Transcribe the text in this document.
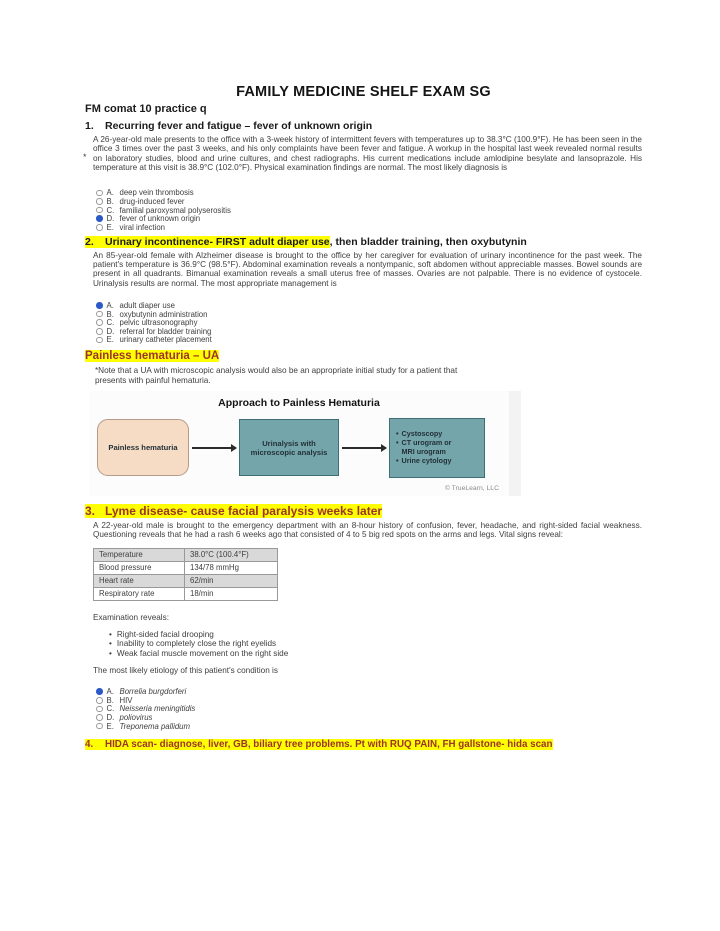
FAMILY MEDICINE SHELF EXAM SG
FM comat 10 practice q
1. Recurring fever and fatigue – fever of unknown origin
*
A 26-year-old male presents to the office with a 3-week history of intermittent fevers with temperatures up to 38.3°C (100.9°F). He has been seen in the office 3 times over the past 3 weeks, and his only complaints have been fever and fatigue. A workup in the hospital last week revealed normal results on laboratory studies, blood and urine cultures, and chest radiographs. His current medications include amlodipine besylate and lansoprazole. His temperature at this visit is 38.9°C (102.0°F). Physical examination findings are normal. The most likely diagnosis is
A. deep vein thrombosis
B. drug-induced fever
C. familial paroxysmal polyserositis
D. fever of unknown origin
E. viral infection
2. Urinary incontinence- FIRST adult diaper use, then bladder training, then oxybutynin
An 85-year-old female with Alzheimer disease is brought to the office by her caregiver for evaluation of urinary incontinence for the past week. The patient's temperature is 36.9°C (98.5°F). Abdominal examination reveals a nontympanic, soft abdomen without appreciable masses. Bowel sounds are present in all quadrants. Bimanual examination reveals a small uterus free of masses. Ovaries are not palpable. There is no evidence of cystocele. Urinalysis results are normal. The most appropriate management is
A. adult diaper use
B. oxybutynin administration
C. pelvic ultrasonography
D. referral for bladder training
E. urinary catheter placement
Painless hematuria – UA
*Note that a UA with microscopic analysis would also be an appropriate initial study for a patient that presents with painful hematuria.
Approach to Painless Hematuria
Painless hematuria	Urinalysis with microscopic analysis
• Cystoscopy
• CT urogram or
MRI urogram
• Urine cytology
© TrueLearn, LLC
3. Lyme disease- cause facial paralysis weeks later
A 22-year-old male is brought to the emergency department with an 8-hour history of confusion, fever, headache, and right-sided facial weakness. Questioning reveals that he had a rash 6 weeks ago that consisted of 4 to 5 big red spots on the arms and legs. Vital signs reveal:
Temperature	38.0°C (100.4°F)
Blood pressure	134/78 mmHg
Heart rate	62/min
Respiratory rate	18/min
Examination reveals:
• Right-sided facial drooping
• Inability to completely close the right eyelids
• Weak facial muscle movement on the right side
The most likely etiology of this patient's condition is
A. Borrelia burgdorferi
B. HIV
C. Neisseria meningitidis
D. poliovirus
E. Treponema pallidum
4. HIDA scan- diagnose, liver, GB, biliary tree problems. Pt with RUQ PAIN, FH gallstone- hida scan
